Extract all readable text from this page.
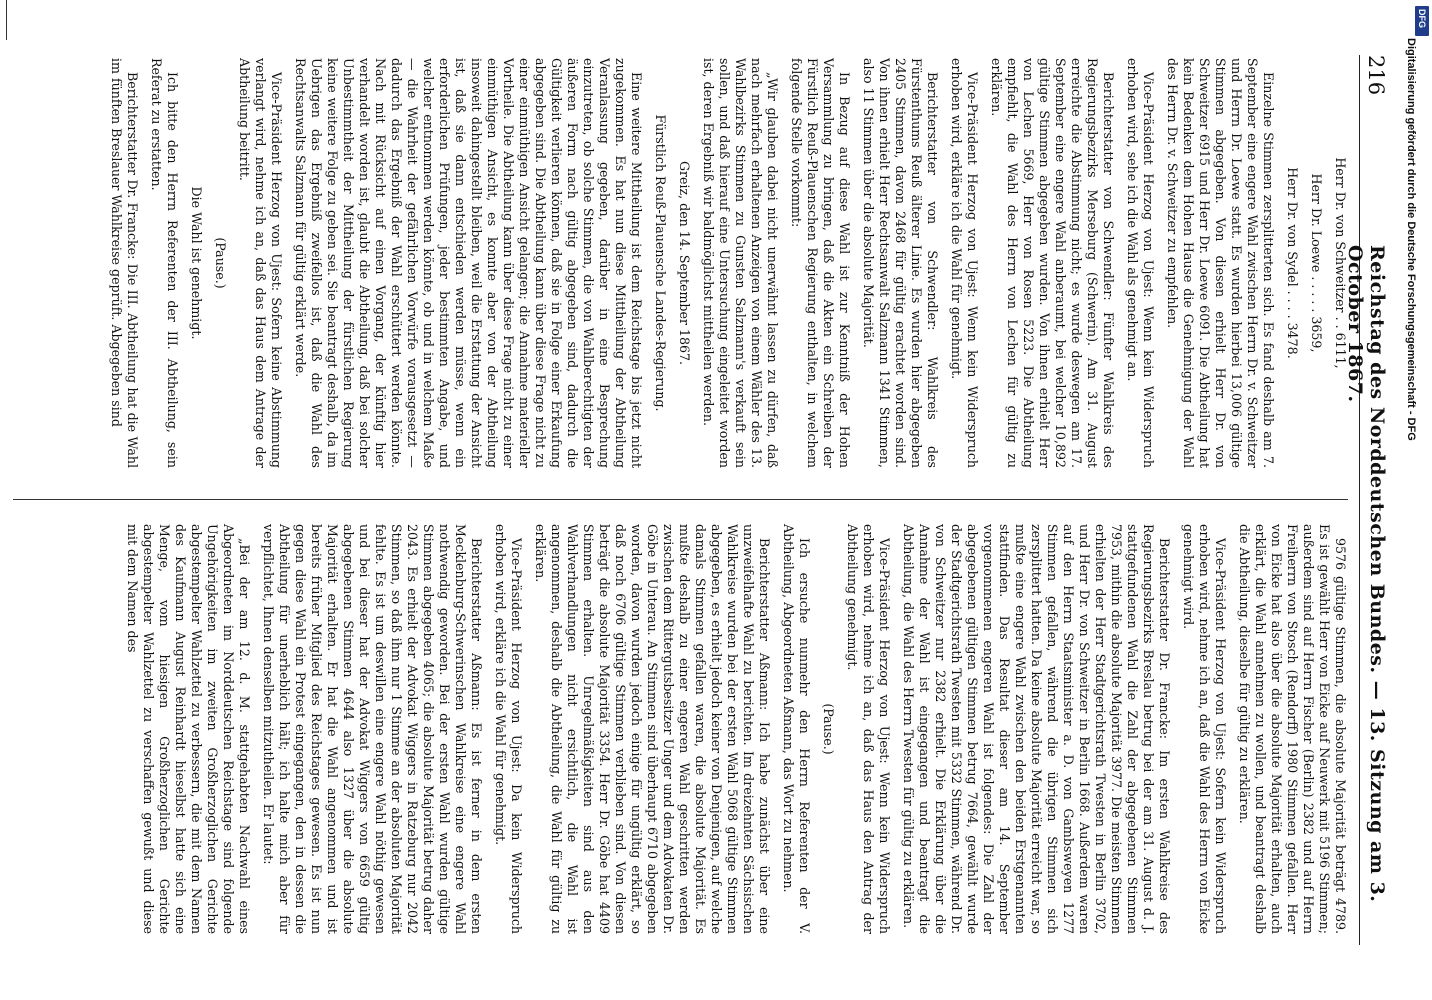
216
Reichstag des Norddeutschen Bundes. — 13. Sitzung am 3. October 1867.

Herr Dr. von Schweitzer . . 6111,

Herr Dr. Loewe . . . . . 3659,

Herr Dr. von Sydel . . . . 3478.

Einzelne Stimmen zersplitterten sich. Es fand deshalb am 7. September eine engere Wahl zwischen Herrn Dr. v. Schweitzer und Herrn Dr. Loewe statt. Es wurden hierbei 13,006 gültige Stimmen abgegeben. Von diesen erhielt Herr Dr. von Schweitzer 6915 und Herr Dr. Loewe 6091. Die Abtheilung hat kein Bedenken dem Hohen Hause die Genehmigung der Wahl des Herrn Dr. v. Schweitzer zu empfehlen.

Vice-Präsident Herzog von Ujest: Wenn kein Widerspruch erhoben wird, sehe ich die Wahl als genehmigt an.

Berichterstatter von Schwendler: Fünfter Wahlkreis des Regierungsbezirks Merseburg (Schwerin). Am 31. August erreichte die Abstimmung nicht; es wurde deswegen am 17. September eine engere Wahl anberaumt, bei welcher 10,892 gültige Stimmen abgegeben wurden. Von ihnen erhielt Herr von Lechen 5669, Herr von Rosen 5223. Die Abtheilung empfiehlt, die Wahl des Herrn von Lechen für gültig zu erklären.

Vice-Präsident Herzog von Ujest: Wenn kein Widerspruch erhoben wird, erkläre ich die Wahl für genehmigt.

Berichterstatter von Schwendler: Wahlkreis des Fürstenthums Reuß älterer Linie. Es wurden hier abgegeben 2405 Stimmen, davon 2468 für gültig erachtet worden sind. Von ihnen erhielt Herr Rechtsanwalt Salzmann 1341 Stimmen, also 11 Stimmen über die absolute Majorität.

In Bezug auf diese Wahl ist zur Kenntniß der Hohen Versammlung zu bringen, daß die Akten ein Schreiben der Fürstlich Reuß-Plauenschen Regierung enthalten, in welchem folgende Stelle vorkommt:

„Wir glauben dabei nicht unerwähnt lassen zu dürfen, daß nach mehrfach erhaltenen Anzeigen von einem Wähler des 13. Wahlbezirks Stimmen zu Gunsten Salzmann's verkauft sein sollen, und daß hierauf eine Untersuchung eingeleitet worden ist, deren Ergebniß wir baldmöglichst mittheilen werden.

Greiz, den 14. September 1867.

Fürstlich Reuß-Plauensche Landes-Regierung.

Eine weitere Mittheilung ist dem Reichstage bis jetzt nicht zugekommen. Es hat nun diese Mittheilung der Abtheilung Veranlassung gegeben, darüber in eine Besprechung einzutreten, ob solche Stimmen, die von Wahlberechtigten der äußeren Form nach gültig abgegeben sind, dadurch die Gültigkeit verlieren können, daß sie in Folge einer Erkaufung abgegeben sind. Die Abtheilung kann über diese Frage nicht zu einer einmüthigen Ansicht gelangen; die Annahme materieller Vortheile. Die Abtheilung kann über diese Frage nicht zu einer einmüthigen Ansicht, es konnte aber von der Abtheilung insoweit dahingestellt bleiben, weil die Erstattung der Ansicht ist, daß sie dann entschieden werden müsse, wenn ein erforderlichen Prüfungen, jeder bestimmten Angabe, und welcher entnommen werden könnte, ob und in welchem Maße — die Wahrheit der gefährlichen Vorwürfe vorausgesetzt — dadurch das Ergebniß der Wahl erschüttert werden könnte. Nach mit Rücksicht auf einen Vorgang, der künftig hier verhandelt worden ist, glaubt die Abtheilung, daß bei solcher Unbestimmtheit der Mittheilung der fürstlichen Regierung keine weitere Folge zu geben sei. Sie beantragt deshalb, da im Uebrigen das Ergebniß zweifellos ist, daß die Wahl des Rechtsanwalts Salzmann für gültig erklärt werde.

Vice-Präsident Herzog von Ujest: Sofern keine Abstimmung verlangt wird, nehme ich an, daß das Haus dem Antrage der Abtheilung beitritt.

(Pause.)

Die Wahl ist genehmigt.

Ich bitte den Herrn Referenten der III. Abtheilung, sein Referat zu erstatten.

Berichterstatter Dr. Francke: Die III. Abtheilung hat die Wahl im fünften Breslauer Wahlkreise geprüft. Abgegeben sind

9576 gültige Stimmen, die absolute Majorität beträgt 4789. Es ist gewählt Herr von Eicke auf Neuwerk mit 5196 Stimmen; außerdem sind auf Herrn Fischer (Berlin) 2382 und auf Herrn Freiherrn von Stosch (Rendorff) 1980 Stimmen gefallen. Herr von Eicke hat also über die absolute Majorität erhalten, auch erklärt, die Wahl annehmen zu wollen, und beantragt deshalb die Abtheilung, dieselbe für gültig zu erklären.

Vice-Präsident Herzog von Ujest: Sofern kein Widerspruch erhoben wird, nehme ich an, daß die Wahl des Herrn von Eicke genehmigt wird.

Berichterstatter Dr. Francke: Im ersten Wahlkreise des Regierungsbezirks Breslau betrug bei der am 31. August d. J. stattgefundenen Wahl die Zahl der abgegebenen Stimmen 7953, mithin die absolute Majorität 3977. Die meisten Stimmen erhielten der Herr Stadtgerichtsrath Twesten in Berlin 3702, und Herr Dr. von Schweitzer in Berlin 1668. Außerdem waren auf den Herrn Staatsminister a. D. von Gambsweyen 1277 Stimmen gefallen, während die übrigen Stimmen sich zersplittert hatten. Da keine absolute Majorität erreicht war, so mußte eine engere Wahl zwischen den beiden Erstgenannten stattfinden. Das Resultat dieser am 14. September vorgenommenen engeren Wahl ist folgendes: Die Zahl der abgegebenen gültigen Stimmen betrug 7664, gewählt wurde der Stadtgerichtsrath Twesten mit 5332 Stimmen, während Dr. von Schweitzer nur 2382 erhielt. Die Erklärung über die Annahme der Wahl ist eingegangen und beantragt die Abtheilung, die Wahl des Herrn Twesten für gültig zu erklären.

Vice-Präsident Herzog von Ujest: Wenn kein Widerspruch erhoben wird, nehme ich an, daß das Haus den Antrag der Abtheilung genehmigt.

(Pause.)

Ich ersuche nunmehr den Herrn Referenten der V. Abtheilung, Abgeordneten Aßmann, das Wort zu nehmen.

Berichterstatter Aßmann: Ich habe zunächst über eine unzweifelhafte Wahl zu berichten. Im dreizehnten Sächsischen Wahlkreise wurden bei der ersten Wahl 5068 gültige Stimmen abgegeben, es erhielt jedoch keiner von Denjenigen, auf welche damals Stimmen gefallen waren, die absolute Majorität. Es mußte deshalb zu einer engeren Wahl geschritten werden zwischen dem Rittergutsbesitzer Unger und dem Advokaten Dr. Göbe in Unterau. An Stimmen sind überhaupt 6710 abgegeben worden, davon wurden jedoch einige für ungültig erklärt, so daß noch 6706 gültige Stimmen verblieben sind. Von diesen beträgt die absolute Majorität 3354. Herr Dr. Göbe hat 4409 Stimmen erhalten. Unregelmäßigkeiten sind aus den Wahlverhandlungen nicht ersichtlich, die Wahl ist angenommen, deshalb die Abtheilung, die Wahl für gültig zu erklären.

Vice-Präsident Herzog von Ujest: Da kein Widerspruch erhoben wird, erkläre ich die Wahl für genehmigt.

Berichterstatter Aßmann: Es ist ferner in dem ersten Mecklenburg-Schwerinschen Wahlkreise eine engere Wahl nothwendig geworden. Bei der ersten Wahl wurden gültige Stimmen abgegeben 4065; die absolute Majorität betrug daher 2043. Es erhielt der Advokat Wiggers in Ratzeburg nur 2042 Stimmen, so daß ihm nur 1 Stimme an der absoluten Majorität fehlte. Es ist um deswillen eine engere Wahl nöthig gewesen und bei dieser hat der Advokat Wiggers von 6659 gültig abgegebenen Stimmen 4644 also 1327 über die absolute Majorität erhalten. Er hat die Wahl angenommen und ist bereits früher Mitglied des Reichstages gewesen. Es ist nun gegen diese Wahl ein Protest eingegangen, den in dessen die Abtheilung für unerheblich hält; ich halte mich aber für verpflichtet, Ihnen denselben mitzutheilen. Er lautet:

„Bei der am 12. d. M. stattgehabten Nachwahl eines Abgeordneten im Norddeutschen Reichstage sind folgende Ungehörigkeiten im zweiten Großherzoglichen Gerichte abgestempelter Wahlzettel zu verbessern, die mit dem Namen des Kaufmann August Reinhardt hieselbst hatte sich eine Menge, vom hiesigen Großherzoglichen Gerichte abgestempelter Wahlzettel zu verschaffen gewußt und diese mit dem Namen des

DFG
Digitalisierung gefördert durch die Deutsche Forschungsgemeinschaft - DFG
